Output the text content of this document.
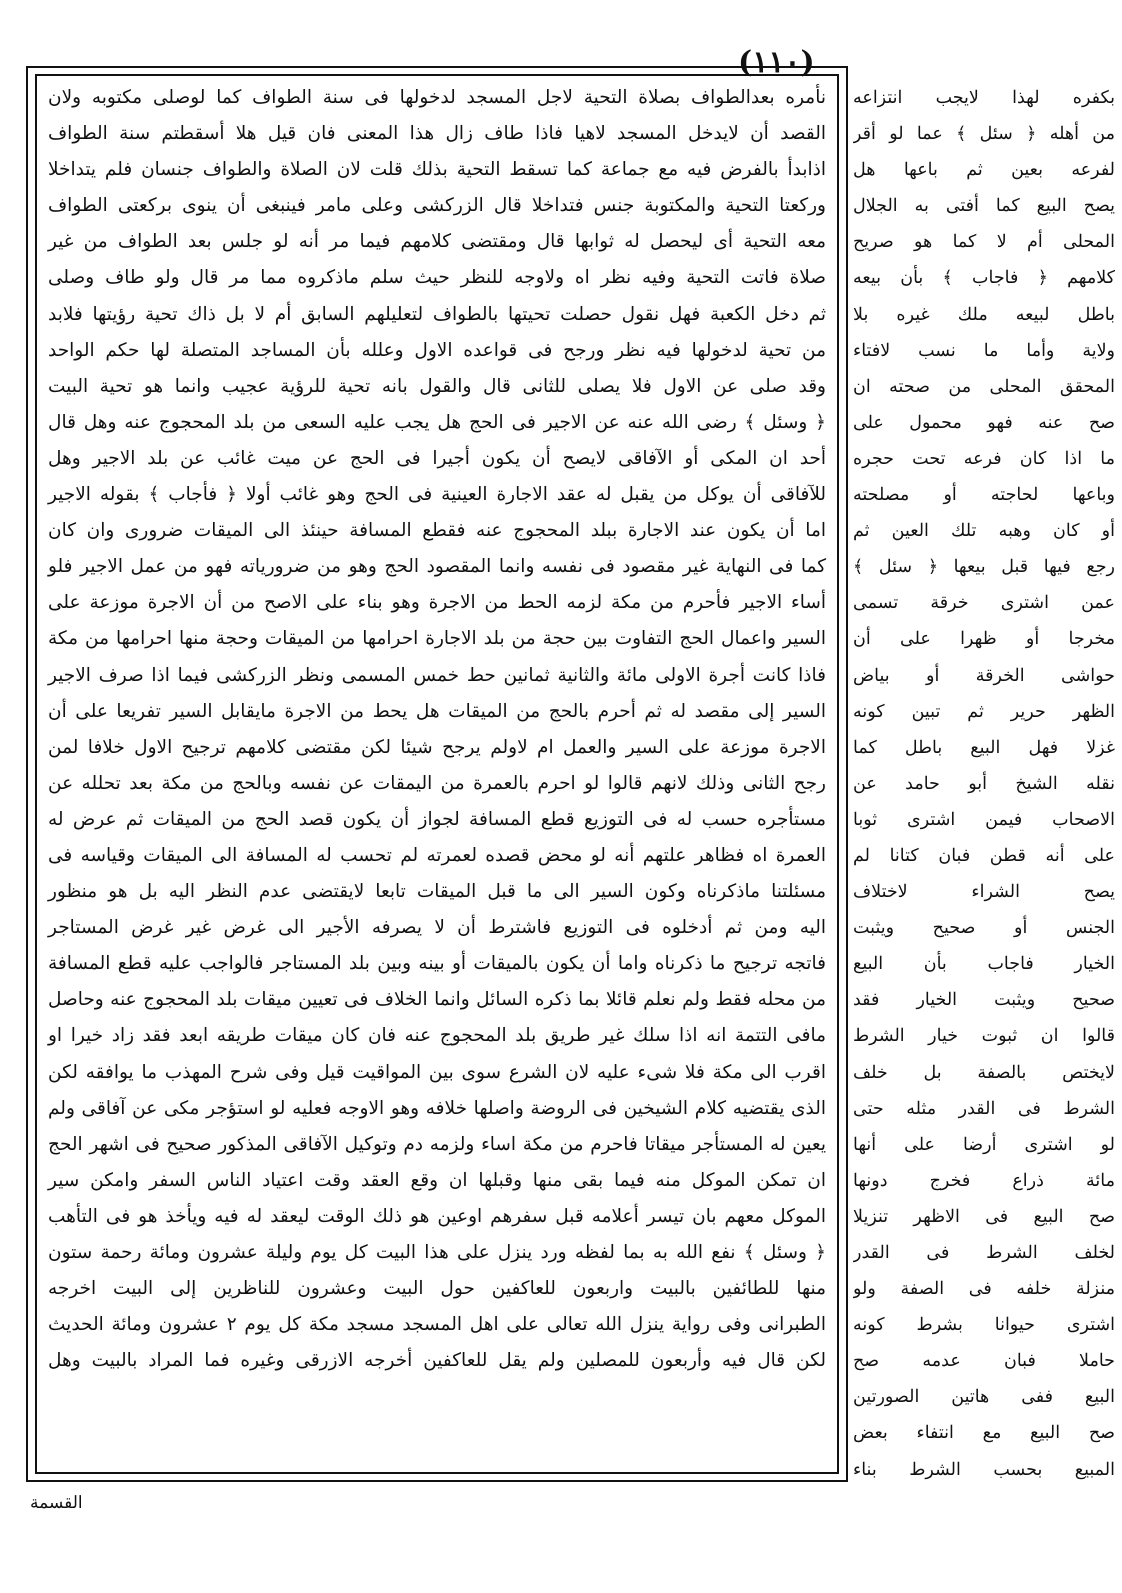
(١١٠)
نأمره بعدالطواف بصلاة التحية لاجل المسجد لدخولها فى سنة الطواف كما لوصلى مكتوبه ولان
القصد أن لايدخل المسجد لاهيا فاذا طاف زال هذا المعنى فان قيل هلا أسقطتم سنة الطواف
اذابدأ بالفرض فيه مع جماعة كما تسقط التحية بذلك قلت لان الصلاة والطواف جنسان فلم يتداخلا
وركعتا التحية والمكتوبة جنس فتداخلا قال الزركشى وعلى مامر فينبغى أن ينوى بركعتى الطواف
معه التحية أى ليحصل له ثوابها قال ومقتضى كلامهم فيما مر أنه لو جلس بعد الطواف من غير
صلاة فاتت التحية وفيه نظر اه ولاوجه للنظر حيث سلم ماذكروه مما مر قال ولو طاف وصلى
ثم دخل الكعبة فهل نقول حصلت تحيتها بالطواف لتعليلهم السابق أم لا بل ذاك تحية رؤيتها فلابد
من تحية لدخولها فيه نظر ورجح فى قواعده الاول وعلله بأن المساجد المتصلة لها حكم الواحد
وقد صلى عن الاول فلا يصلى للثانى قال والقول بانه تحية للرؤية عجيب وانما هو تحية البيت
﴿ وسئل ﴾ رضى الله عنه عن الاجير فى الحج هل يجب عليه السعى من بلد المحجوج عنه وهل قال
أحد ان المكى أو الآفاقى لايصح أن يكون أجيرا فى الحج عن ميت غائب عن بلد الاجير وهل
للآفاقى أن يوكل من يقبل له عقد الاجارة العينية فى الحج وهو غائب أولا ﴿ فأجاب ﴾ بقوله الاجير
اما أن يكون عند الاجارة ببلد المحجوج عنه فقطع المسافة حينئذ الى الميقات ضرورى وان كان
كما فى النهاية غير مقصود فى نفسه وانما المقصود الحج وهو من ضرورياته فهو من عمل الاجير فلو
أساء الاجير فأحرم من مكة لزمه الحط من الاجرة وهو بناء على الاصح من أن الاجرة موزعة على
السير واعمال الحج التفاوت بين حجة من بلد الاجارة احرامها من الميقات وحجة منها احرامها من مكة
فاذا كانت أجرة الاولى مائة والثانية ثمانين حط خمس المسمى ونظر الزركشى فيما اذا صرف الاجير
السير إلى مقصد له ثم أحرم بالحج من الميقات هل يحط من الاجرة مايقابل السير تفريعا على أن
الاجرة موزعة على السير والعمل ام لاولم يرجح شيئا لكن مقتضى كلامهم ترجيح الاول خلافا لمن
رجح الثانى وذلك لانهم قالوا لو احرم بالعمرة من اليمقات عن نفسه وبالحج من مكة بعد تحلله عن
مستأجره حسب له فى التوزيع قطع المسافة لجواز أن يكون قصد الحج من الميقات ثم عرض له
العمرة اه فظاهر علتهم أنه لو محض قصده لعمرته لم تحسب له المسافة الى الميقات وقياسه فى
مسئلتنا ماذكرناه وكون السير الى ما قبل الميقات تابعا لايقتضى عدم النظر اليه بل هو منظور
اليه ومن ثم أدخلوه فى التوزيع فاشترط أن لا يصرفه الأجير الى غرض غير غرض المستاجر
فاتجه ترجيح ما ذكرناه واما أن يكون بالميقات أو بينه وبين بلد المستاجر فالواجب عليه قطع المسافة
من محله فقط ولم نعلم قائلا بما ذكره السائل وانما الخلاف فى تعيين ميقات بلد المحجوج عنه وحاصل
مافى التتمة انه اذا سلك غير طريق بلد المحجوج عنه فان كان ميقات طريقه ابعد فقد زاد خيرا او
اقرب الى مكة فلا شىء عليه لان الشرع سوى بين المواقيت قيل وفى شرح المهذب ما يوافقه لكن
الذى يقتضيه كلام الشيخين فى الروضة واصلها خلافه وهو الاوجه فعليه لو استؤجر مكى عن آفاقى ولم
يعين له المستأجر ميقاتا فاحرم من مكة اساء ولزمه دم وتوكيل الآفاقى المذكور صحيح فى اشهر الحج
ان تمكن الموكل منه فيما بقى منها وقبلها ان وقع العقد وقت اعتياد الناس السفر وامكن سير
الموكل معهم بان تيسر أعلامه قبل سفرهم اوعين هو ذلك الوقت ليعقد له فيه ويأخذ هو فى التأهب
﴿ وسئل ﴾ نفع الله به بما لفظه ورد ينزل على هذا البيت كل يوم وليلة عشرون ومائة رحمة ستون
منها للطائفين بالبيت واربعون للعاكفين حول البيت وعشرون للناظرين إلى البيت اخرجه
الطبرانى وفى رواية ينزل الله تعالى على اهل المسجد مسجد مكة كل يوم ٢ عشرون ومائة الحديث
لكن قال فيه وأربعون للمصلين ولم يقل للعاكفين أخرجه الازرقى وغيره فما المراد بالبيت وهل
بكفره لهذا لايجب انتزاعه
من أهله ﴿ سئل ﴾ عما لو أقر
لفرعه بعين ثم باعها هل
يصح البيع كما أفتى به الجلال
المحلى أم لا كما هو صريح
كلامهم ﴿ فاجاب ﴾ بأن بيعه
باطل لبيعه ملك غيره بلا
ولاية وأما ما نسب لافتاء
المحقق المحلى من صحته ان
صح عنه فهو محمول على
ما اذا كان فرعه تحت حجره
وباعها لحاجته أو مصلحته
أو كان وهبه تلك العين ثم
رجع فيها قبل بيعها ﴿ سئل ﴾
عمن اشترى خرقة تسمى
مخرجا أو ظهرا على أن
حواشى الخرقة أو بياض
الظهر حرير ثم تبين كونه
غزلا فهل البيع باطل كما
نقله الشيخ أبو حامد عن
الاصحاب فيمن اشترى ثوبا
على أنه قطن فبان كتانا لم
يصح الشراء لاختلاف
الجنس أو صحيح ويثبت
الخيار فاجاب بأن البيع
صحيح ويثبت الخيار فقد
قالوا ان ثبوت خيار الشرط
لايختص بالصفة بل خلف
الشرط فى القدر مثله حتى
لو اشترى أرضا على أنها
مائة ذراع فخرج دونها
صح البيع فى الاظهر تنزيلا
لخلف الشرط فى القدر
منزلة خلفه فى الصفة ولو
اشترى حيوانا بشرط كونه
حاملا فبان عدمه صح
البيع ففى هاتين الصورتين
صح البيع مع انتفاء بعض
المبيع بحسب الشرط بناء
القسمة
